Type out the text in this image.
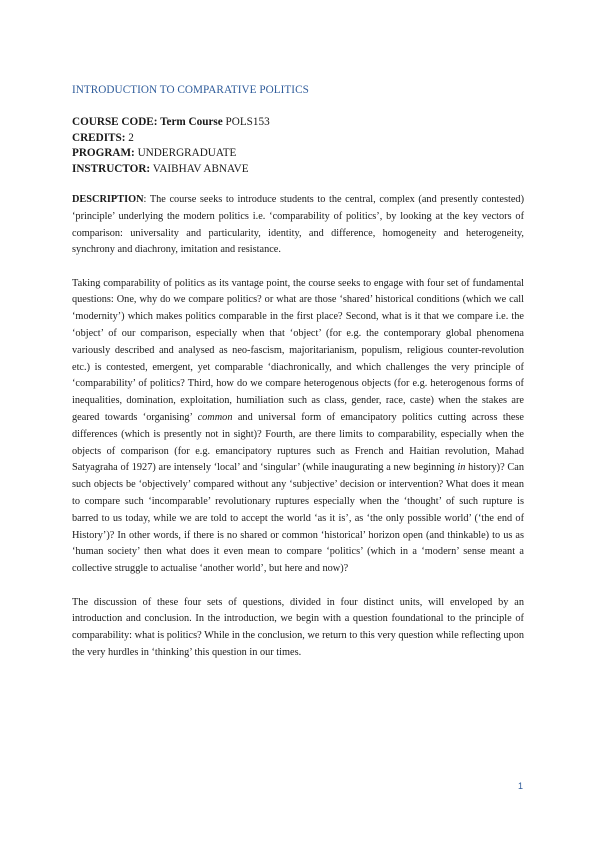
INTRODUCTION TO COMPARATIVE POLITICS
COURSE CODE: Term Course POLS153
CREDITS: 2
PROGRAM: UNDERGRADUATE
INSTRUCTOR: VAIBHAV ABNAVE

DESCRIPTION: The course seeks to introduce students to the central, complex (and presently contested) ‘principle’ underlying the modern politics i.e. ‘comparability of politics’, by looking at the key vectors of comparison: universality and particularity, identity, and difference, homogeneity and heterogeneity, synchrony and diachrony, imitation and resistance.

Taking comparability of politics as its vantage point, the course seeks to engage with four set of fundamental questions: One, why do we compare politics? or what are those ‘shared’ historical conditions (which we call ‘modernity’) which makes politics comparable in the first place? Second, what is it that we compare i.e. the ‘object’ of our comparison, especially when that ‘object’ (for e.g. the contemporary global phenomena variously described and analysed as neo-fascism, majoritarianism, populism, religious counter-revolution etc.) is contested, emergent, yet comparable ‘diachronically, and which challenges the very principle of ‘comparability’ of politics? Third, how do we compare heterogenous objects (for e.g. heterogenous forms of inequalities, domination, exploitation, humiliation such as class, gender, race, caste) when the stakes are geared towards ‘organising’ common and universal form of emancipatory politics cutting across these differences (which is presently not in sight)? Fourth, are there limits to comparability, especially when the objects of comparison (for e.g. emancipatory ruptures such as French and Haitian revolution, Mahad Satyagraha of 1927) are intensely ‘local’ and ‘singular’ (while inaugurating a new beginning in history)? Can such objects be ‘objectively’ compared without any ‘subjective’ decision or intervention? What does it mean to compare such ‘incomparable’ revolutionary ruptures especially when the ‘thought’ of such rupture is barred to us today, while we are told to accept the world ‘as it is’, as ‘the only possible world’ (‘the end of History’)? In other words, if there is no shared or common ‘historical’ horizon open (and thinkable) to us as ‘human society’ then what does it even mean to compare ‘politics’ (which in a ‘modern’ sense meant a collective struggle to actualise ‘another world’, but here and now)?

The discussion of these four sets of questions, divided in four distinct units, will enveloped by an introduction and conclusion. In the introduction, we begin with a question foundational to the principle of comparability: what is politics? While in the conclusion, we return to this very question while reflecting upon the very hurdles in ‘thinking’ this question in our times.

1
